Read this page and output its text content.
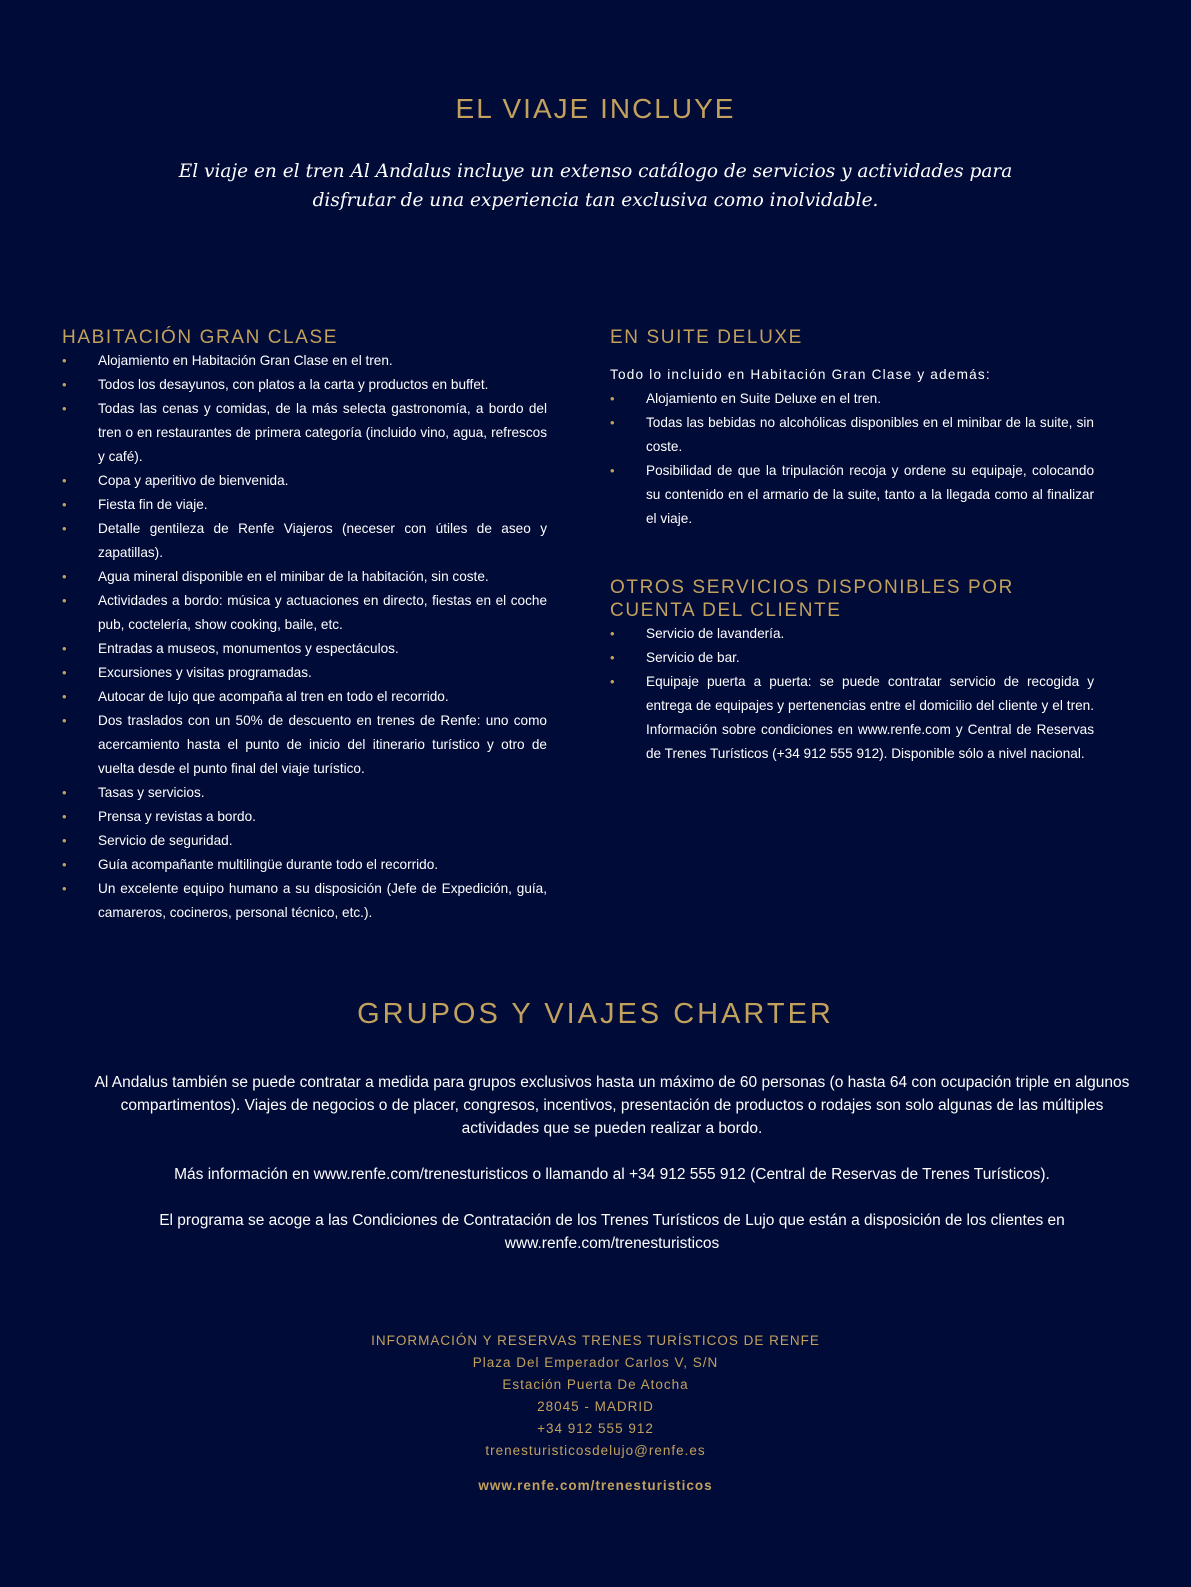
EL VIAJE INCLUYE
El viaje en el tren Al Andalus incluye un extenso catálogo de servicios y actividades para
disfrutar de una experiencia tan exclusiva como inolvidable.
HABITACIÓN GRAN CLASE
• Alojamiento en Habitación Gran Clase en el tren.
• Todos los desayunos, con platos a la carta y productos en buffet.
• Todas las cenas y comidas, de la más selecta gastronomía, a bordo del tren o en restaurantes de primera categoría (incluido vino, agua, refrescos y café).
• Copa y aperitivo de bienvenida.
• Fiesta fin de viaje.
• Detalle gentileza de Renfe Viajeros (neceser con útiles de aseo y zapatillas).
• Agua mineral disponible en el minibar de la habitación, sin coste.
• Actividades a bordo: música y actuaciones en directo, fiestas en el coche pub, coctelería, show cooking, baile, etc.
• Entradas a museos, monumentos y espectáculos.
• Excursiones y visitas programadas.
• Autocar de lujo que acompaña al tren en todo el recorrido.
• Dos traslados con un 50% de descuento en trenes de Renfe: uno como acercamiento hasta el punto de inicio del itinerario turístico y otro de vuelta desde el punto final del viaje turístico.
• Tasas y servicios.
• Prensa y revistas a bordo.
• Servicio de seguridad.
• Guía acompañante multilingüe durante todo el recorrido.
• Un excelente equipo humano a su disposición (Jefe de Expedición, guía, camareros, cocineros, personal técnico, etc.).
EN SUITE DELUXE
Todo lo incluido en Habitación Gran Clase y además:
• Alojamiento en Suite Deluxe en el tren.
• Todas las bebidas no alcohólicas disponibles en el minibar de la suite, sin coste.
• Posibilidad de que la tripulación recoja y ordene su equipaje, colocando su contenido en el armario de la suite, tanto a la llegada como al finalizar el viaje.
OTROS SERVICIOS DISPONIBLES POR CUENTA DEL CLIENTE
• Servicio de lavandería.
• Servicio de bar.
• Equipaje puerta a puerta: se puede contratar servicio de recogida y entrega de equipajes y pertenencias entre el domicilio del cliente y el tren. Información sobre condiciones en www.renfe.com y Central de Reservas de Trenes Turísticos (+34 912 555 912). Disponible sólo a nivel nacional.
GRUPOS Y VIAJES CHARTER

Al Andalus también se puede contratar a medida para grupos exclusivos hasta un máximo de 60 personas (o hasta 64 con ocupación triple en algunos compartimentos). Viajes de negocios o de placer, congresos, incentivos, presentación de productos o rodajes son solo algunas de las múltiples actividades que se pueden realizar a bordo.

Más información en www.renfe.com/trenesturisticos o llamando al +34 912 555 912 (Central de Reservas de Trenes Turísticos).

El programa se acoge a las Condiciones de Contratación de los Trenes Turísticos de Lujo que están a disposición de los clientes en www.renfe.com/trenesturisticos

INFORMACIÓN Y RESERVAS TRENES TURÍSTICOS DE RENFE
Plaza Del Emperador Carlos V, S/N
Estación Puerta De Atocha
28045 - MADRID
+34 912 555 912
trenesturisticosdelujo@renfe.es
www.renfe.com/trenesturisticos
